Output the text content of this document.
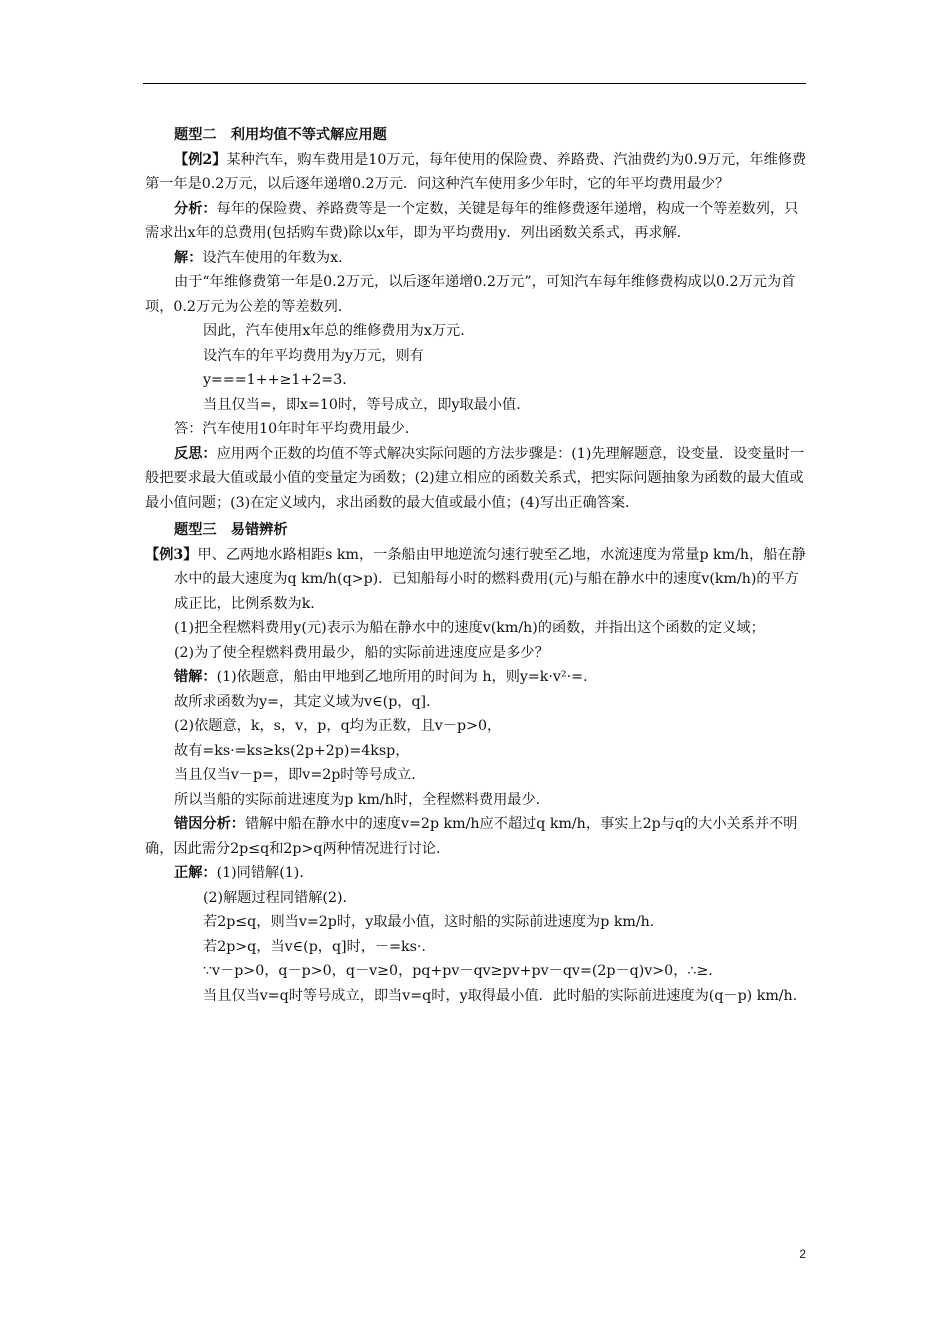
题型二　利用均值不等式解应用题

【例2】某种汽车，购车费用是10万元，每年使用的保险费、养路费、汽油费约为0.9万元，年维修费第一年是0.2万元，以后逐年递增0.2万元．问这种汽车使用多少年时，它的年平均费用最少？

分析：每年的保险费、养路费等是一个定数，关键是每年的维修费逐年递增，构成一个等差数列，只需求出x年的总费用(包括购车费)除以x年，即为平均费用y．列出函数关系式，再求解．

解：设汽车使用的年数为x.

由于“年维修费第一年是0.2万元，以后逐年递增0.2万元”，可知汽车每年维修费构成以0.2万元为首项，0.2万元为公差的等差数列．

因此，汽车使用x年总的维修费用为x万元．

设汽车的年平均费用为y万元，则有

y===1++≥1+2=3.

当且仅当=，即x=10时，等号成立，即y取最小值．

答：汽车使用10年时年平均费用最少．

反思：应用两个正数的均值不等式解决实际问题的方法步骤是：(1)先理解题意，设变量．设变量时一般把要求最大值或最小值的变量定为函数；(2)建立相应的函数关系式，把实际问题抽象为函数的最大值或最小值问题；(3)在定义域内，求出函数的最大值或最小值；(4)写出正确答案．

题型三　易错辨析

【例3】甲、乙两地水路相距s km，一条船由甲地逆流匀速行驶至乙地，水流速度为常量p km/h，船在静水中的最大速度为q km/h(q>p)．已知船每小时的燃料费用(元)与船在静水中的速度v(km/h)的平方成正比，比例系数为k.

(1)把全程燃料费用y(元)表示为船在静水中的速度v(km/h)的函数，并指出这个函数的定义域；

(2)为了使全程燃料费用最少，船的实际前进速度应是多少？

错解：(1)依题意，船由甲地到乙地所用的时间为 h，则y=k·v²·=.

故所求函数为y=，其定义域为v∈(p，q]．

(2)依题意，k，s，v，p，q均为正数，且v－p>0，

故有=ks·=ks≥ks(2p+2p)=4ksp，

当且仅当v－p=，即v=2p时等号成立．

所以当船的实际前进速度为p km/h时，全程燃料费用最少．

错因分析：错解中船在静水中的速度v=2p km/h应不超过q km/h，事实上2p与q的大小关系并不明确，因此需分2p≤q和2p>q两种情况进行讨论．

正解：(1)同错解(1)．

(2)解题过程同错解(2)．

若2p≤q，则当v=2p时，y取最小值，这时船的实际前进速度为p km/h.

若2p>q，当v∈(p，q]时，－=ks·.

∵v－p>0，q－p>0，q－v≥0，pq+pv－qv≥pv+pv－qv=(2p－q)v>0，∴≥.

当且仅当v=q时等号成立，即当v=q时，y取得最小值．此时船的实际前进速度为(q－p) km/h.

2
